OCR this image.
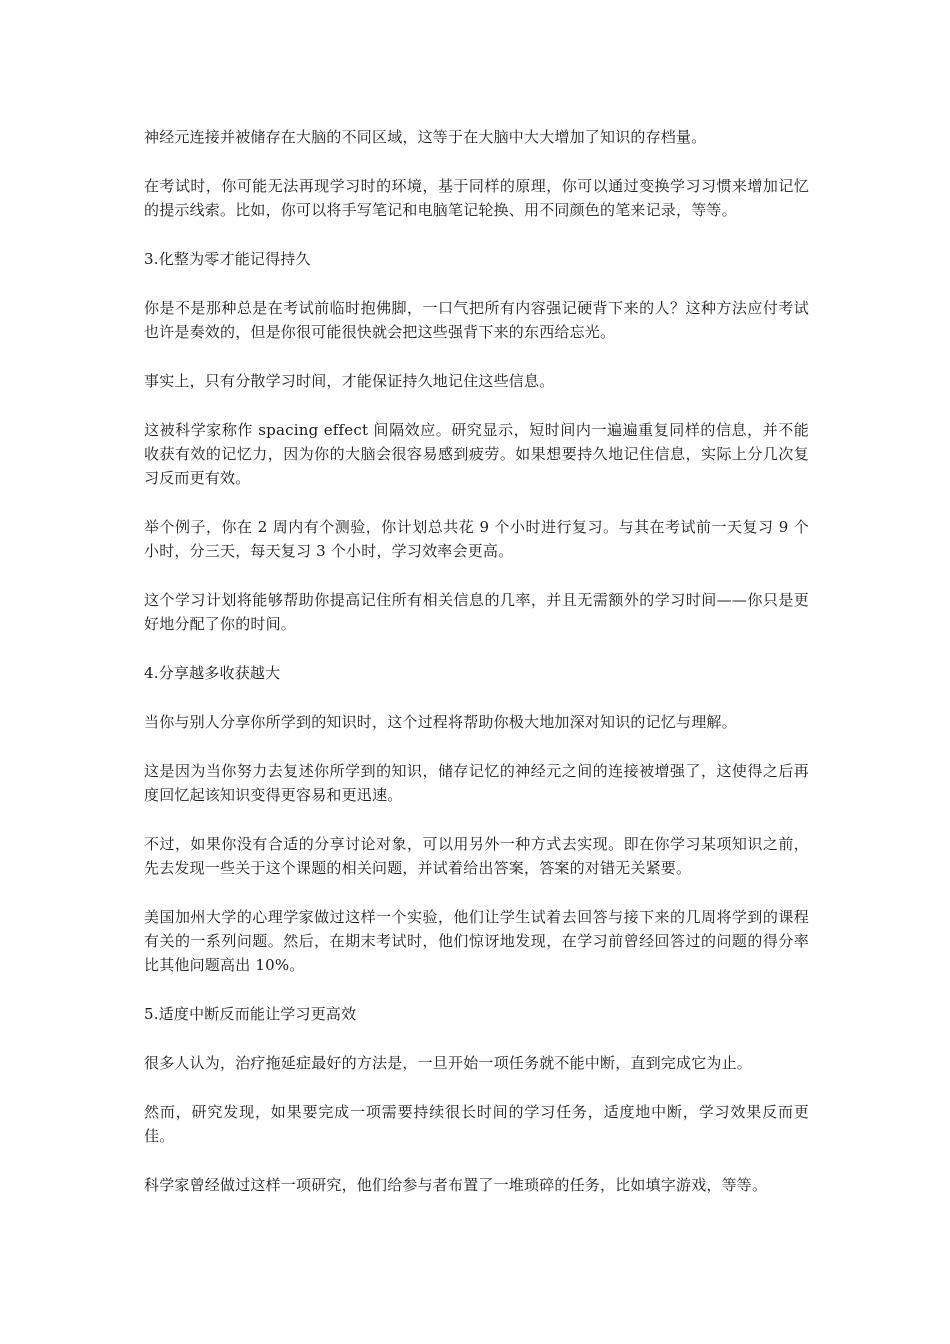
神经元连接并被储存在大脑的不同区域，这等于在大脑中大大增加了知识的存档量。

在考试时，你可能无法再现学习时的环境，基于同样的原理，你可以通过变换学习习惯来增加记忆的提示线索。比如，你可以将手写笔记和电脑笔记轮换、用不同颜色的笔来记录，等等。

3.化整为零才能记得持久

你是不是那种总是在考试前临时抱佛脚，一口气把所有内容强记硬背下来的人？这种方法应付考试也许是奏效的，但是你很可能很快就会把这些强背下来的东西给忘光。

事实上，只有分散学习时间，才能保证持久地记住这些信息。

这被科学家称作 spacing effect 间隔效应。研究显示，短时间内一遍遍重复同样的信息，并不能收获有效的记忆力，因为你的大脑会很容易感到疲劳。如果想要持久地记住信息，实际上分几次复习反而更有效。

举个例子，你在 2 周内有个测验，你计划总共花 9 个小时进行复习。与其在考试前一天复习 9 个小时，分三天，每天复习 3 个小时，学习效率会更高。

这个学习计划将能够帮助你提高记住所有相关信息的几率，并且无需额外的学习时间——你只是更好地分配了你的时间。

4.分享越多收获越大

当你与别人分享你所学到的知识时，这个过程将帮助你极大地加深对知识的记忆与理解。

这是因为当你努力去复述你所学到的知识，储存记忆的神经元之间的连接被增强了，这使得之后再度回忆起该知识变得更容易和更迅速。

不过，如果你没有合适的分享讨论对象，可以用另外一种方式去实现。即在你学习某项知识之前，先去发现一些关于这个课题的相关问题，并试着给出答案，答案的对错无关紧要。

美国加州大学的心理学家做过这样一个实验，他们让学生试着去回答与接下来的几周将学到的课程有关的一系列问题。然后，在期末考试时，他们惊讶地发现，在学习前曾经回答过的问题的得分率比其他问题高出 10%。

5.适度中断反而能让学习更高效

很多人认为，治疗拖延症最好的方法是，一旦开始一项任务就不能中断，直到完成它为止。

然而，研究发现，如果要完成一项需要持续很长时间的学习任务，适度地中断，学习效果反而更佳。

科学家曾经做过这样一项研究，他们给参与者布置了一堆琐碎的任务，比如填字游戏，等等。
